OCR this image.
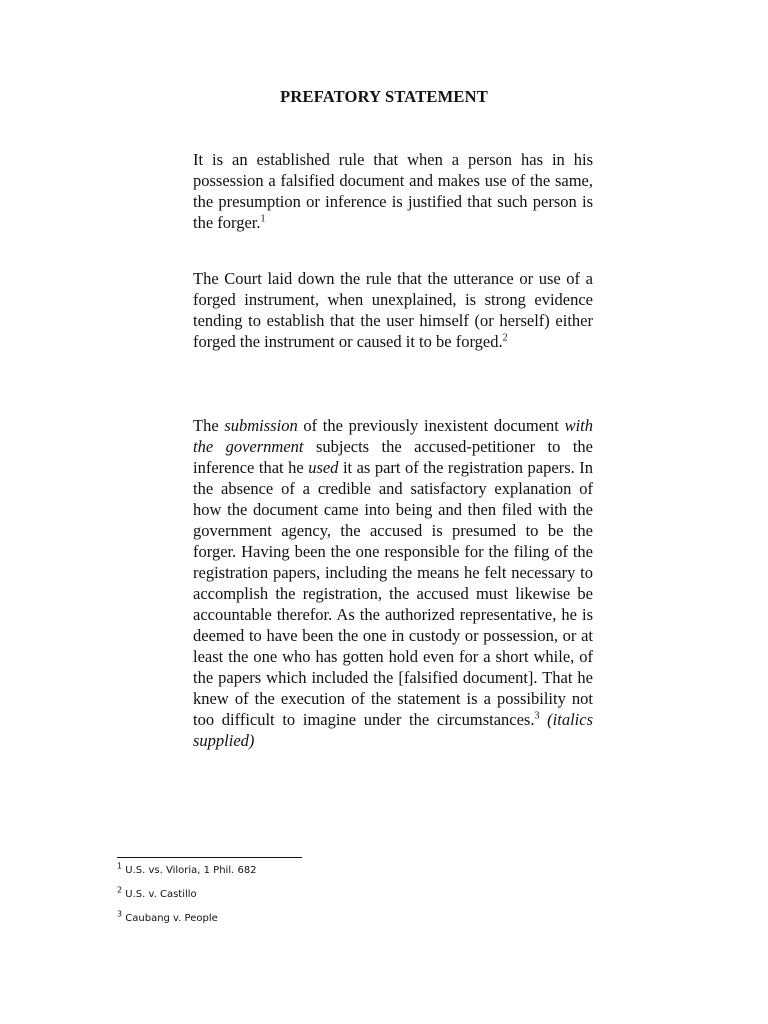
PREFATORY STATEMENT

It is an established rule that when a person has in his possession a falsified document and makes use of the same, the presumption or inference is justified that such person is the forger.$^1$

The Court laid down the rule that the utterance or use of a forged instrument, when unexplained, is strong evidence tending to establish that the user himself (or herself) either forged the instrument or caused it to be forged.$^2$

The submission of the previously inexistent document with the government subjects the accused-petitioner to the inference that he used it as part of the registration papers. In the absence of a credible and satisfactory explanation of how the document came into being and then filed with the government agency, the accused is presumed to be the forger. Having been the one responsible for the filing of the registration papers, including the means he felt necessary to accomplish the registration, the accused must likewise be accountable therefor. As the authorized representative, he is deemed to have been the one in custody or possession, or at least the one who has gotten hold even for a short while, of the papers which included the [falsified document]. That he knew of the execution of the statement is a possibility not too difficult to imagine under the circumstances.$^3$ (italics supplied)

$^1$ U.S. vs. Viloria, 1 Phil. 682

$^2$ U.S. v. Castillo

$^3$ Caubang v. People
